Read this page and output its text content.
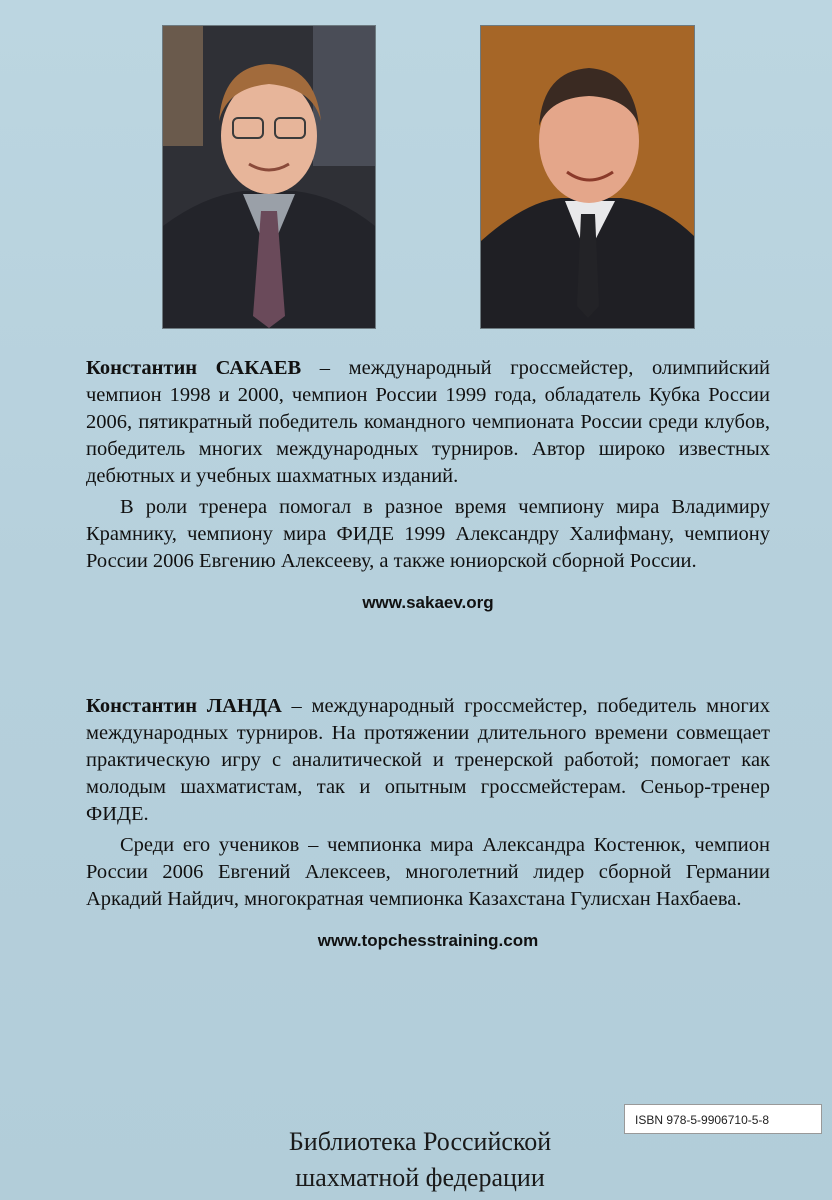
Константин САКАЕВ – международный гроссмейстер, олимпийский чемпион 1998 и 2000, чемпион России 1999 года, обладатель Кубка России 2006, пятикратный победитель командного чемпионата России среди клубов, победитель многих международных турниров. Автор широко известных дебютных и учебных шахматных изданий.

В роли тренера помогал в разное время чемпиону мира Владимиру Крамнику, чемпиону мира ФИДЕ 1999 Александру Халифману, чемпиону России 2006 Евгению Алексееву, а также юниорской сборной России.

www.sakaev.org

Константин ЛАНДА – международный гроссмейстер, победитель многих международных турниров. На протяжении длительного времени совмещает практическую игру с аналитической и тренерской работой; помогает как молодым шахматистам, так и опытным гроссмейстерам. Сеньор-тренер ФИДЕ.

Среди его учеников – чемпионка мира Александра Костенюк, чемпион России 2006 Евгений Алексеев, многолетний лидер сборной Германии Аркадий Найдич, многократная чемпионка Казахстана Гулисхан Нахбаева.

www.topchesstraining.com

ISBN 978-5-9906710-5-8
Библиотека Российской
шахматной федерации
